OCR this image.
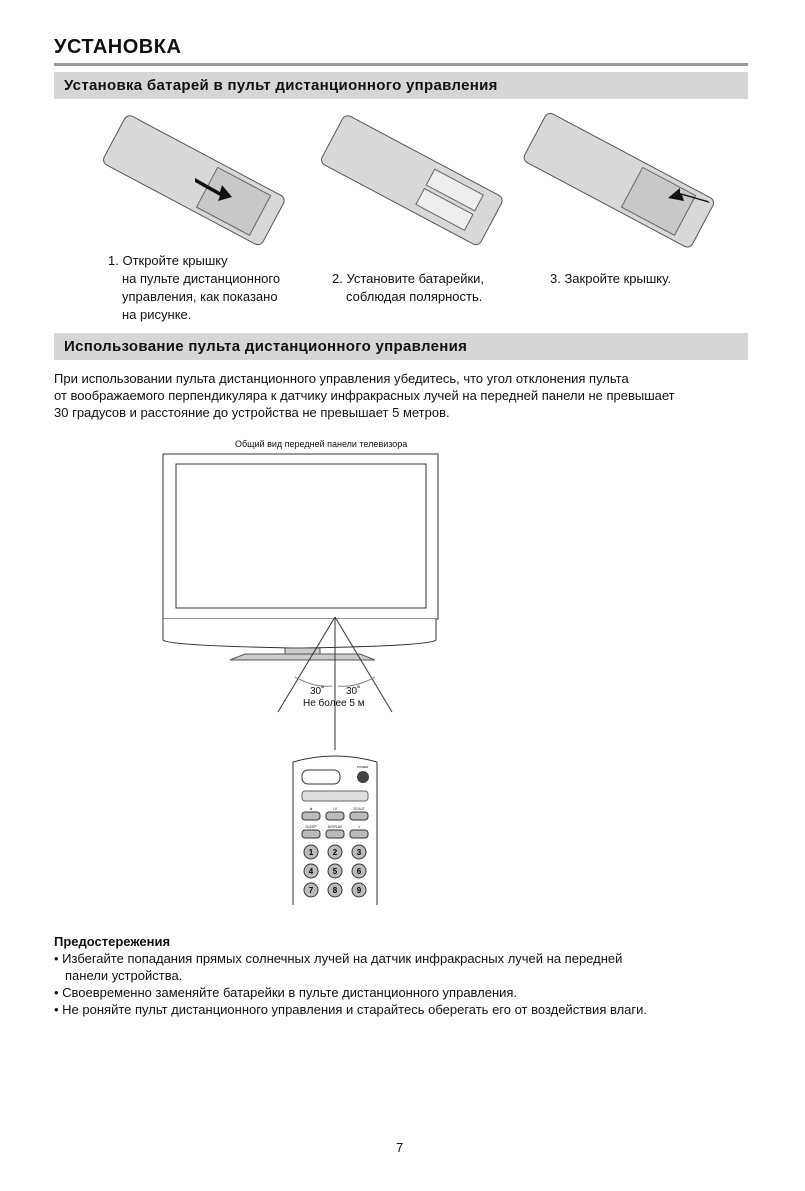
УСТАНОВКА
Установка батарей в пульт дистанционного управления
1. Откройте крышку
на пульте дистанционного
управления, как показано
на рисунке.
2. Установите батарейки,
соблюдая полярность.
3. Закройте крышку.
Использование пульта дистанционного управления
При использовании пульта дистанционного управления убедитесь, что угол отклонения пульта
от воображаемого перпендикуляра к датчику инфракрасных лучей на передней панели не превышает
30 градусов и расстояние до устройства не превышает 5 метров.
Общий вид передней панели телевизора
30˚ 30˚
Не более 5 м
POWER
⊗	I-II	SCALE
SLEEP	DISPLAY	≡
1 2 3
4 5 6
7 8 9
Предостережения
• Избегайте попадания прямых солнечных лучей на датчик инфракрасных лучей на передней
панели устройства.
• Своевременно заменяйте батарейки в пульте дистанционного управления.
• Не роняйте пульт дистанционного управления и старайтесь оберегать его от воздействия влаги.
7
